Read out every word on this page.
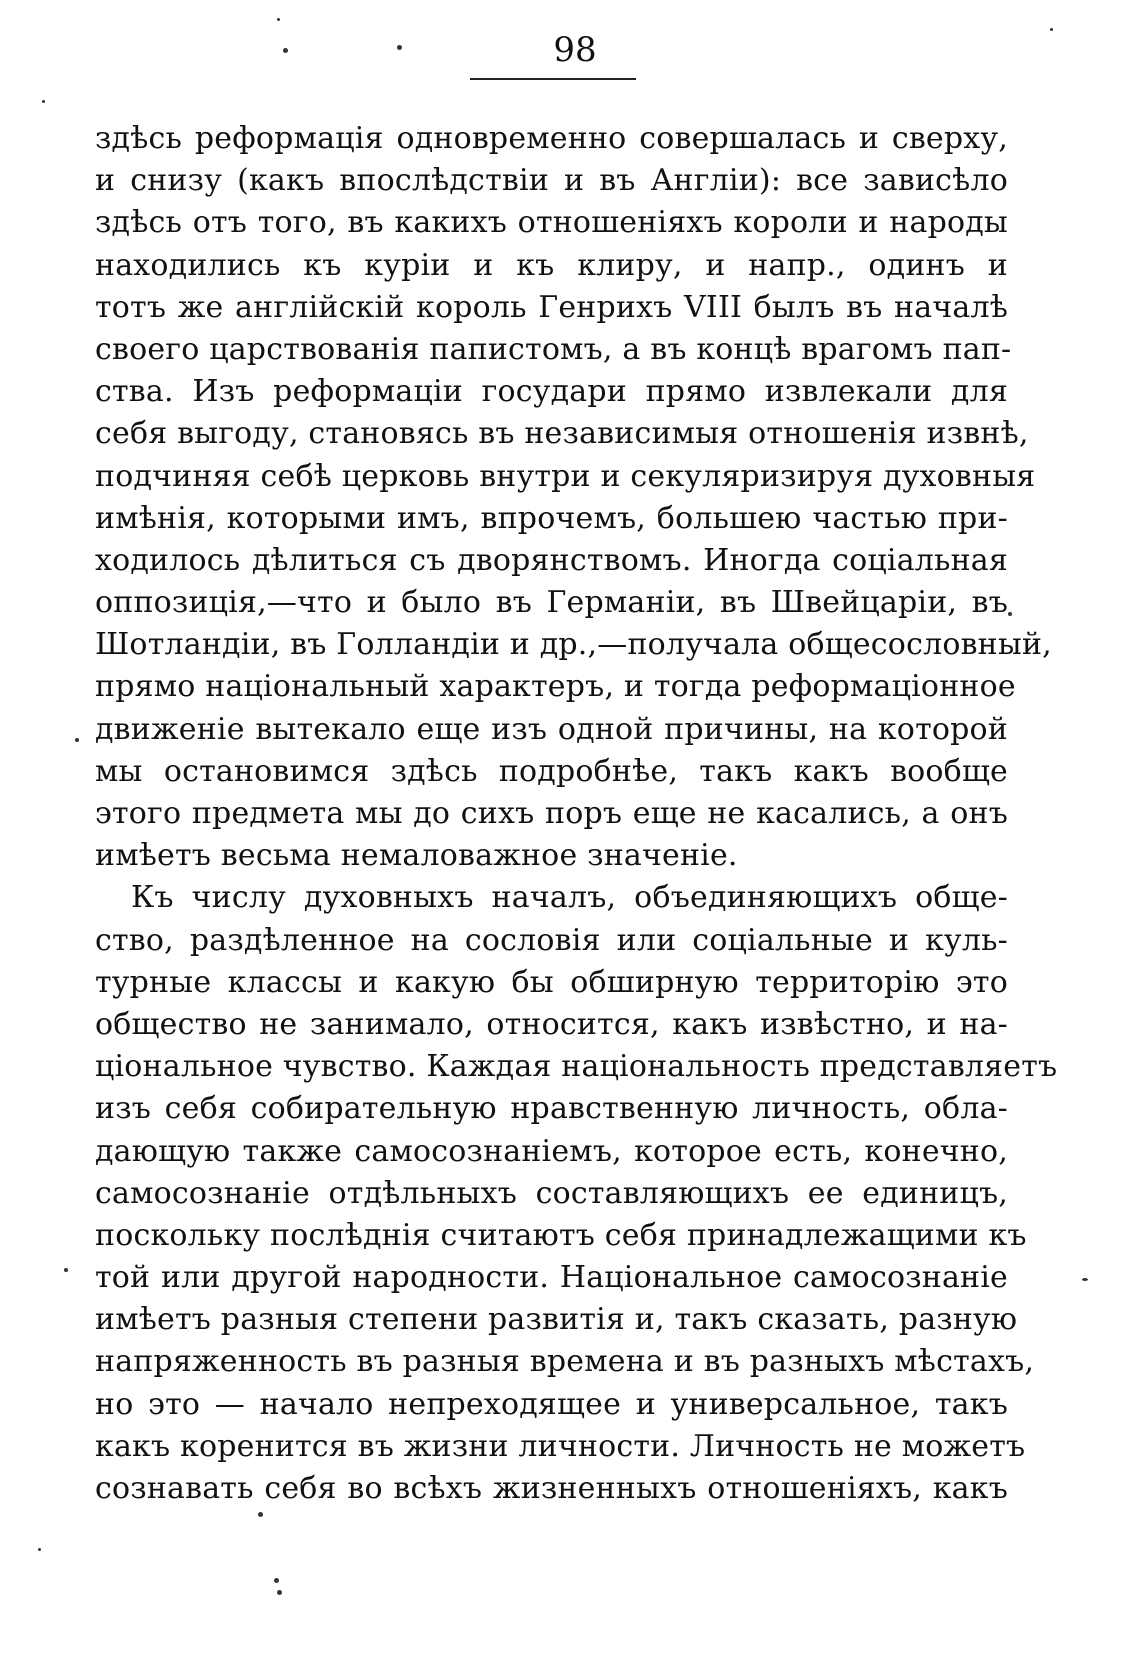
98
здѣсь реформація одновременно совершалась и сверху,
и снизу (какъ впослѣдствіи и въ Англіи): все зависѣло
здѣсь отъ того, въ какихъ отношеніяхъ короли и народы
находились къ куріи и къ клиру, и напр., одинъ и
тотъ же англійскій король Генрихъ VIII былъ въ началѣ
своего царствованія папистомъ, а въ концѣ врагомъ пап-
ства. Изъ реформаціи государи прямо извлекали для
себя выгоду, становясь въ независимыя отношенія извнѣ,
подчиняя себѣ церковь внутри и секуляризируя духовныя
имѣнія, которыми имъ, впрочемъ, большею частью при-
ходилось дѣлиться съ дворянствомъ. Иногда соціальная
оппозиція,—что и было въ Германіи, въ Швейцаріи, въ
Шотландіи, въ Голландіи и др.,—получала общесословный,
прямо національный характеръ, и тогда реформаціонное
движеніе вытекало еще изъ одной причины, на которой
мы остановимся здѣсь подробнѣе, такъ какъ вообще
этого предмета мы до сихъ поръ еще не касались, а онъ
имѣетъ весьма немаловажное значеніе.
Къ числу духовныхъ началъ, объединяющихъ обще-
ство, раздѣленное на сословія или соціальные и куль-
турные классы и какую бы обширную территорію это
общество не занимало, относится, какъ извѣстно, и на-
ціональное чувство. Каждая національность представляетъ
изъ себя собирательную нравственную личность, обла-
дающую также самосознаніемъ, которое есть, конечно,
самосознаніе отдѣльныхъ составляющихъ ее единицъ,
поскольку послѣднія считаютъ себя принадлежащими къ
той или другой народности. Національное самосознаніе
имѣетъ разныя степени развитія и, такъ сказать, разную
напряженность въ разныя времена и въ разныхъ мѣстахъ,
но это — начало непреходящее и универсальное, такъ
какъ коренится въ жизни личности. Личность не можетъ
сознавать себя во всѣхъ жизненныхъ отношеніяхъ, какъ
